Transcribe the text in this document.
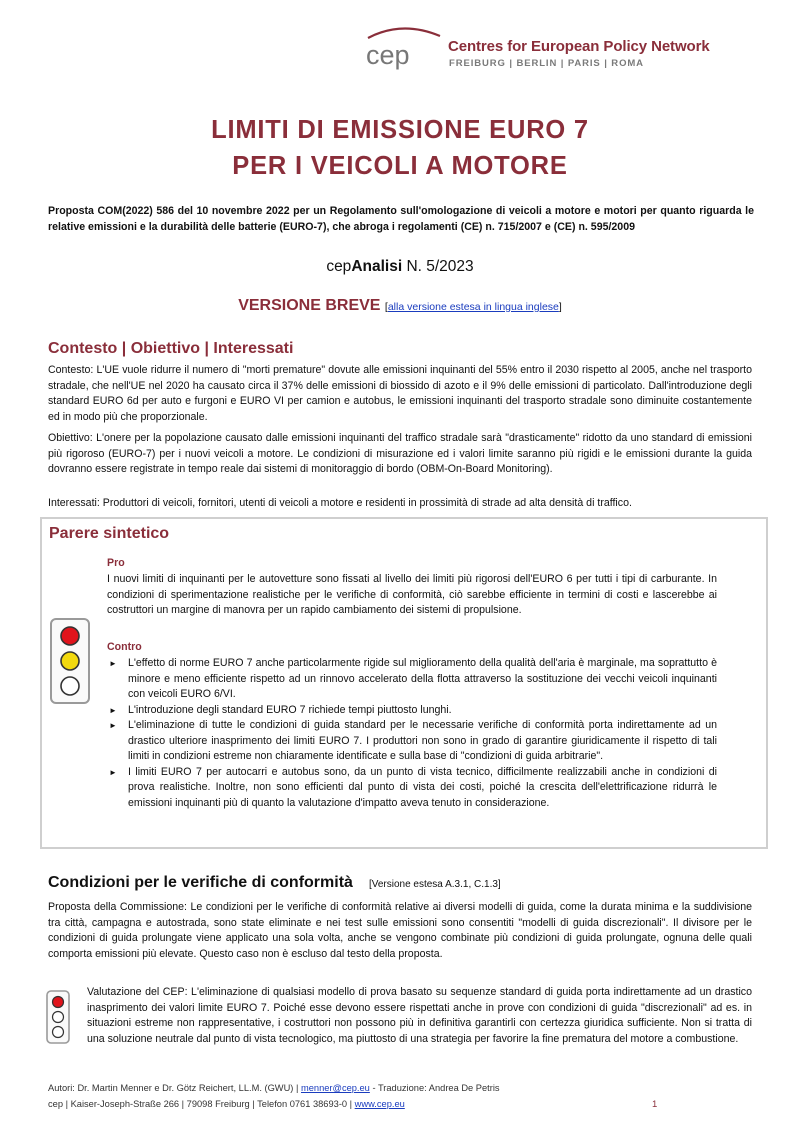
cep	Centres for European Policy Network
FREIBURG | BERLIN | PARIS | ROMA
LIMITI DI EMISSIONE EURO 7
PER I VEICOLI A MOTORE
Proposta COM(2022) 586 del 10 novembre 2022 per un Regolamento sull'omologazione di veicoli a motore e motori per quanto riguarda le relative emissioni e la durabilità delle batterie (EURO-7), che abroga i regolamenti (CE) n. 715/2007 e (CE) n. 595/2009
cepAnalisi N. 5/2023
VERSIONE BREVE [alla versione estesa in lingua inglese]
Contesto | Obiettivo | Interessati
Contesto: L'UE vuole ridurre il numero di "morti premature" dovute alle emissioni inquinanti del 55% entro il 2030 rispetto al 2005, anche nel trasporto stradale, che nell'UE nel 2020 ha causato circa il 37% delle emissioni di biossido di azoto e il 9% delle emissioni di particolato. Dall'introduzione degli standard EURO 6d per auto e furgoni e EURO VI per camion e autobus, le emissioni inquinanti del trasporto stradale sono diminuite costantemente ed in modo più che proporzionale.
Obiettivo: L'onere per la popolazione causato dalle emissioni inquinanti del traffico stradale sarà "drasticamente" ridotto da uno standard di emissioni più rigoroso (EURO-7) per i nuovi veicoli a motore. Le condizioni di misurazione ed i valori limite saranno più rigidi e le emissioni durante la guida dovranno essere registrate in tempo reale dai sistemi di monitoraggio di bordo (OBM-On-Board Monitoring).
Interessati: Produttori di veicoli, fornitori, utenti di veicoli a motore e residenti in prossimità di strade ad alta densità di traffico.
Parere sintetico
Pro
I nuovi limiti di inquinanti per le autovetture sono fissati al livello dei limiti più rigorosi dell'EURO 6 per tutti i tipi di carburante. In condizioni di sperimentazione realistiche per le verifiche di conformità, ciò sarebbe efficiente in termini di costi e lascerebbe ai costruttori un margine di manovra per un rapido cambiamento dei sistemi di propulsione.
Contro
► L'effetto di norme EURO 7 anche particolarmente rigide sul miglioramento della qualità dell'aria è marginale, ma soprattutto è minore e meno efficiente rispetto ad un rinnovo accelerato della flotta attraverso la sostituzione dei vecchi veicoli inquinanti con veicoli EURO 6/VI.
► L'introduzione degli standard EURO 7 richiede tempi piuttosto lunghi.
► L'eliminazione di tutte le condizioni di guida standard per le necessarie verifiche di conformità porta indirettamente ad un drastico ulteriore inasprimento dei limiti EURO 7. I produttori non sono in grado di garantire giuridicamente il rispetto di tali limiti in condizioni estreme non chiaramente identificate e sulla base di "condizioni di guida arbitrarie".
► I limiti EURO 7 per autocarri e autobus sono, da un punto di vista tecnico, difficilmente realizzabili anche in condizioni di prova realistiche. Inoltre, non sono efficienti dal punto di vista dei costi, poiché la crescita dell'elettrificazione ridurrà le emissioni inquinanti più di quanto la valutazione d'impatto aveva tenuto in considerazione.
Condizioni per le verifiche di conformità [Versione estesa A.3.1, C.1.3]
Proposta della Commissione: Le condizioni per le verifiche di conformità relative ai diversi modelli di guida, come la durata minima e la suddivisione tra città, campagna e autostrada, sono state eliminate e nei test sulle emissioni sono consentiti "modelli di guida discrezionali". Il divisore per le condizioni di guida prolungate viene applicato una sola volta, anche se vengono combinate più condizioni di guida prolungate, ognuna delle quali comporta emissioni più elevate. Questo caso non è escluso dal testo della proposta.
Valutazione del CEP: L'eliminazione di qualsiasi modello di prova basato su sequenze standard di guida porta indirettamente ad un drastico inasprimento dei valori limite EURO 7. Poiché esse devono essere rispettati anche in prove con condizioni di guida "discrezionali" ad es. in situazioni estreme non rappresentative, i costruttori non possono più in definitiva garantirli con certezza giuridica sufficiente. Non si tratta di una soluzione neutrale dal punto di vista tecnologico, ma piuttosto di una strategia per favorire la fine prematura del motore a combustione.
Autori: Dr. Martin Menner e Dr. Götz Reichert, LL.M. (GWU) | menner@cep.eu - Traduzione: Andrea De Petris
cep | Kaiser-Joseph-Straße 266 | 79098 Freiburg | Telefon 0761 38693-0 | www.cep.eu	1
